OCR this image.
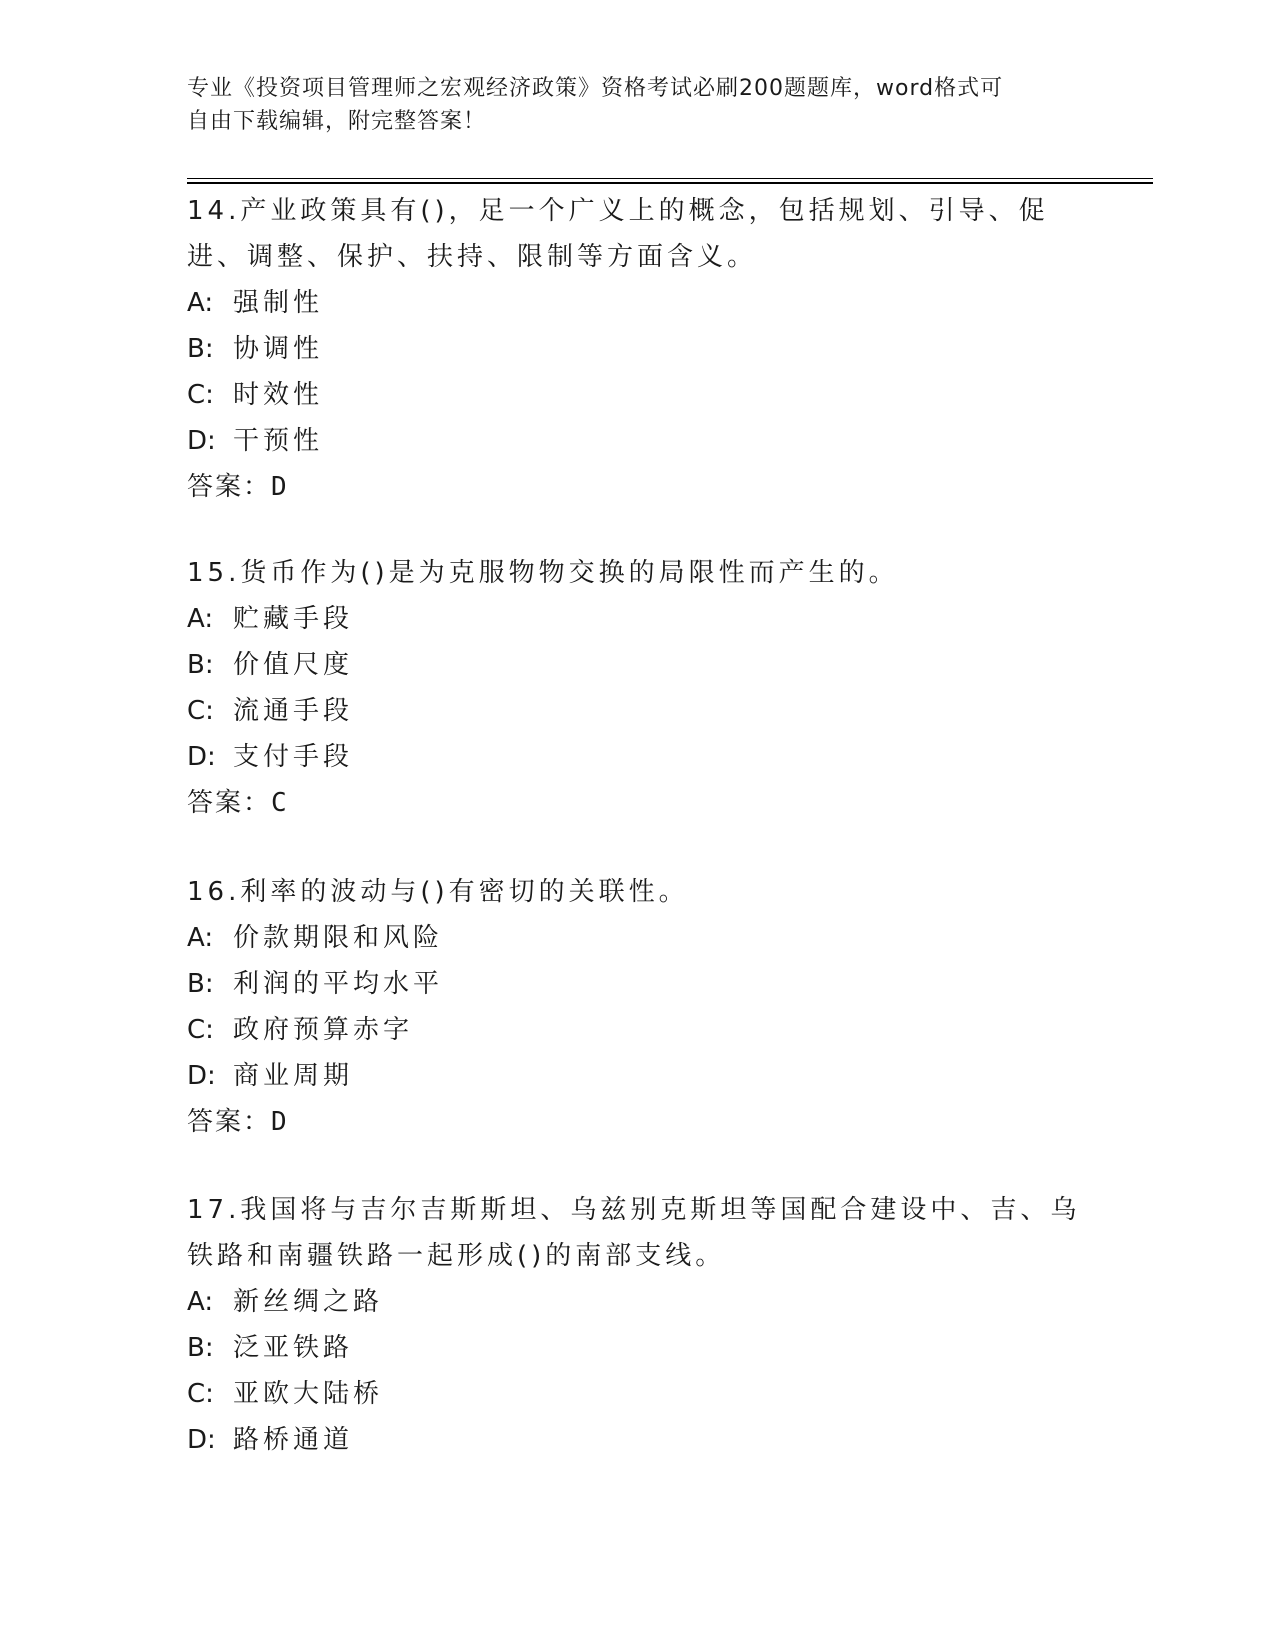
专业《投资项目管理师之宏观经济政策》资格考试必刷200题题库，word格式可
自由下载编辑，附完整答案！
14.产业政策具有()，足一个广义上的概念，包括规划、引导、促进、调整、保护、扶持、限制等方面含义。
A: 强制性
B: 协调性
C: 时效性
D: 干预性
答案：D
15.货币作为()是为克服物物交换的局限性而产生的。
A: 贮藏手段
B: 价值尺度
C: 流通手段
D: 支付手段
答案：C
16.利率的波动与()有密切的关联性。
A: 价款期限和风险
B: 利润的平均水平
C: 政府预算赤字
D: 商业周期
答案：D
17.我国将与吉尔吉斯斯坦、乌兹别克斯坦等国配合建设中、吉、乌铁路和南疆铁路一起形成()的南部支线。
A: 新丝绸之路
B: 泛亚铁路
C: 亚欧大陆桥
D: 路桥通道
